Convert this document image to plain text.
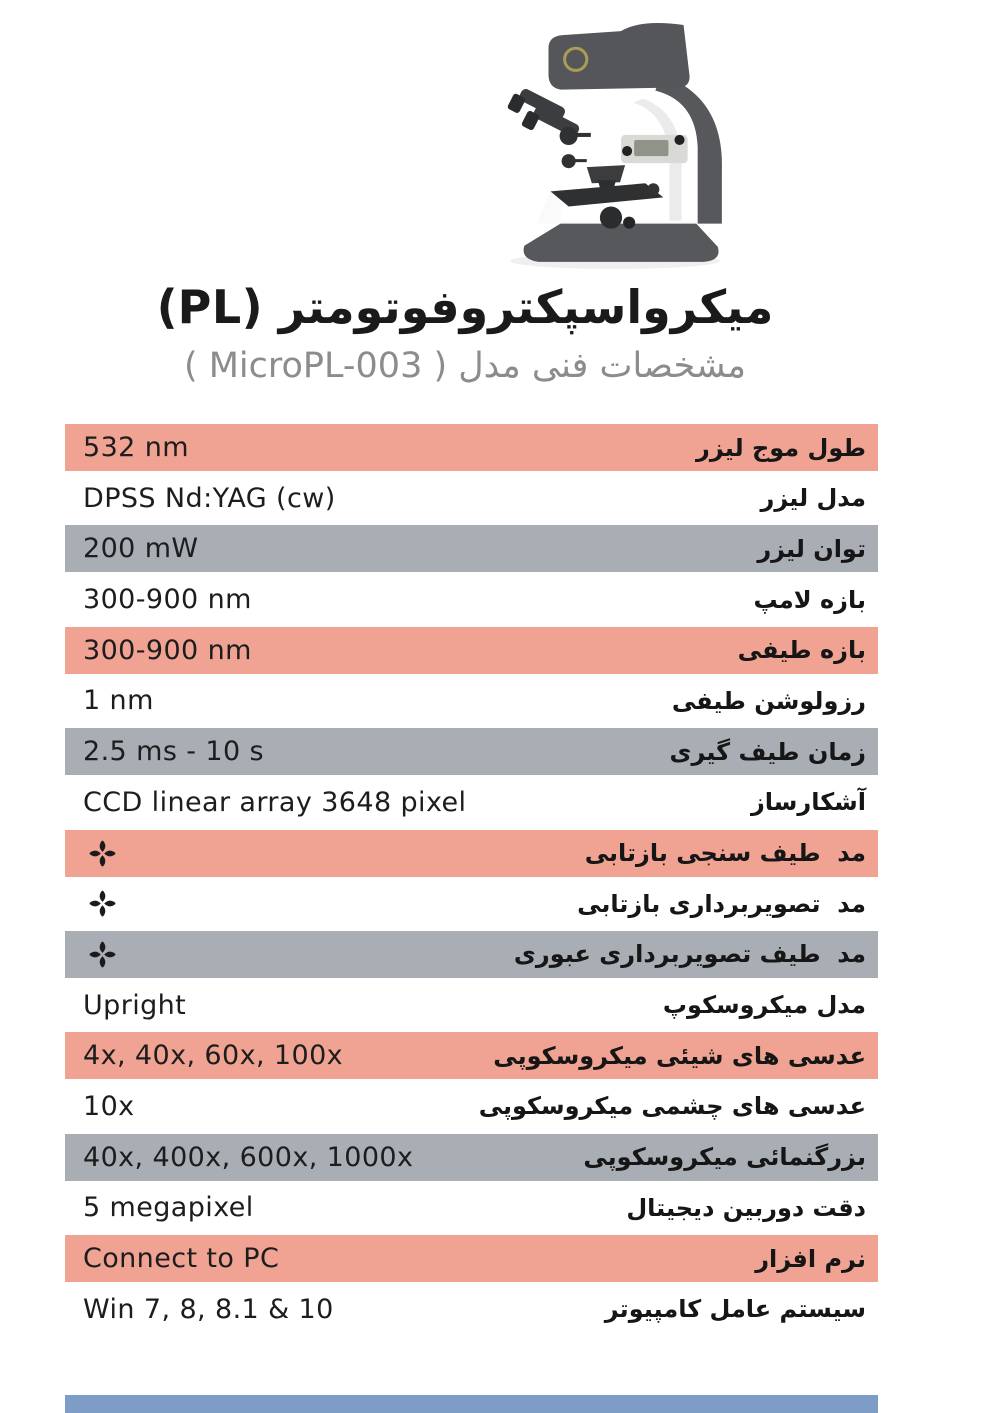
میکرواسپکتروفوتومتر (PL)
مشخصات فنی مدل ( MicroPL-003 )
532 nm	طول موج لیزر
DPSS Nd:YAG (cw)	مدل لیزر
200 mW	توان لیزر
300-900 nm	بازه لامپ
300-900 nm	بازه طیفی
1 nm	رزولوشن طیفی
2.5 ms - 10 s	زمان طیف گیری
CCD linear array 3648 pixel	آشکارساز
مد  طیف سنجی بازتابی
مد  تصویربرداری بازتابی
مد  طیف تصویربرداری عبوری
Upright	مدل میکروسکوپ
4x, 40x, 60x, 100x	عدسی های شیئی میکروسکوپی
10x	عدسی های چشمی میکروسکوپی
40x, 400x, 600x, 1000x	بزرگنمائی میکروسکوپی
5 megapixel	دقت دوربین دیجیتال
Connect to PC	نرم افزار
Win 7, 8, 8.1 & 10	سیستم عامل کامپیوتر
